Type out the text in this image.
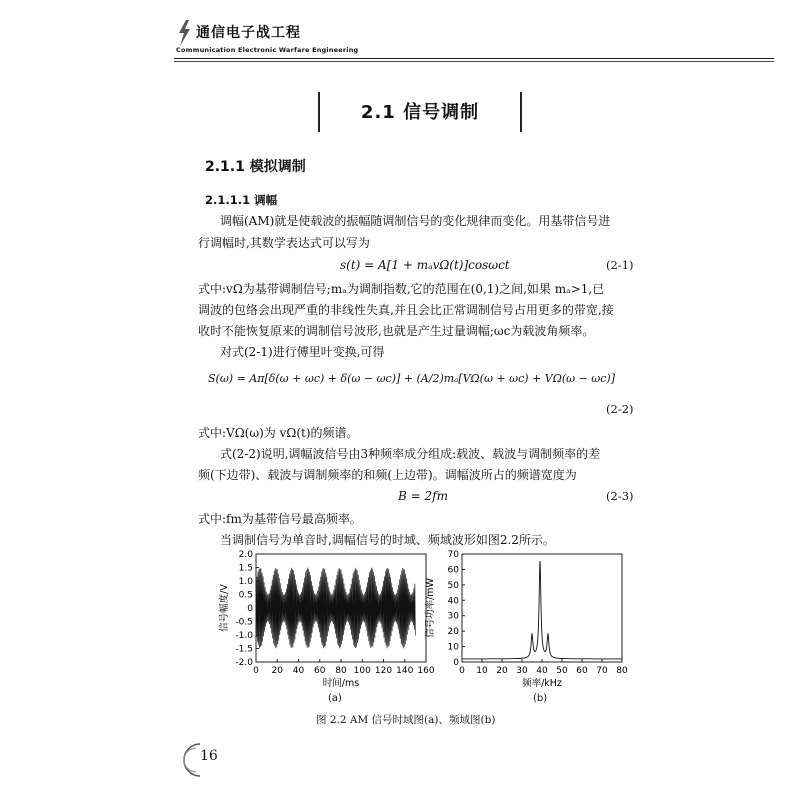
通信电子战工程
Communication Electronic Warfare Engineering
2.1 信号调制
2.1.1 模拟调制
2.1.1.1 调幅
调幅(AM)就是使载波的振幅随调制信号的变化规律而变化。用基带信号进
行调幅时,其数学表达式可以写为
s(t) = A[1 + mₐvΩ(t)]cosωct	(2-1)
式中:vΩ为基带调制信号;mₐ为调制指数,它的范围在(0,1)之间,如果 mₐ>1,已
调波的包络会出现严重的非线性失真,并且会比正常调制信号占用更多的带宽,接
收时不能恢复原来的调制信号波形,也就是产生过量调幅;ωc为载波角频率。
对式(2-1)进行傅里叶变换,可得
S(ω) = Aπ[δ(ω + ωc) + δ(ω − ωc)] + (A/2)mₐ[VΩ(ω + ωc) + VΩ(ω − ωc)]
(2-2)
式中:VΩ(ω)为 vΩ(t)的频谱。
式(2-2)说明,调幅波信号由3种频率成分组成:载波、载波与调制频率的差
频(下边带)、载波与调制频率的和频(上边带)。调幅波所占的频谱宽度为
B = 2fm	(2-3)
式中:fm为基带信号最高频率。
当调制信号为单音时,调幅信号的时域、频域波形如图2.2所示。
0 20 40 60 80 100 120 140 160
2.0
1.5
1.0
0.5
0
-0.5
-1.0
-1.5
-2.0
时间/ms
信号幅度/V
0 10 20 30 40 50 60 70 80
70
60
50
40
30
20
10
0
频率/kHz
信号功率/mW
(a)	(b)
图 2.2 AM 信号时域图(a)、频域图(b)
16
